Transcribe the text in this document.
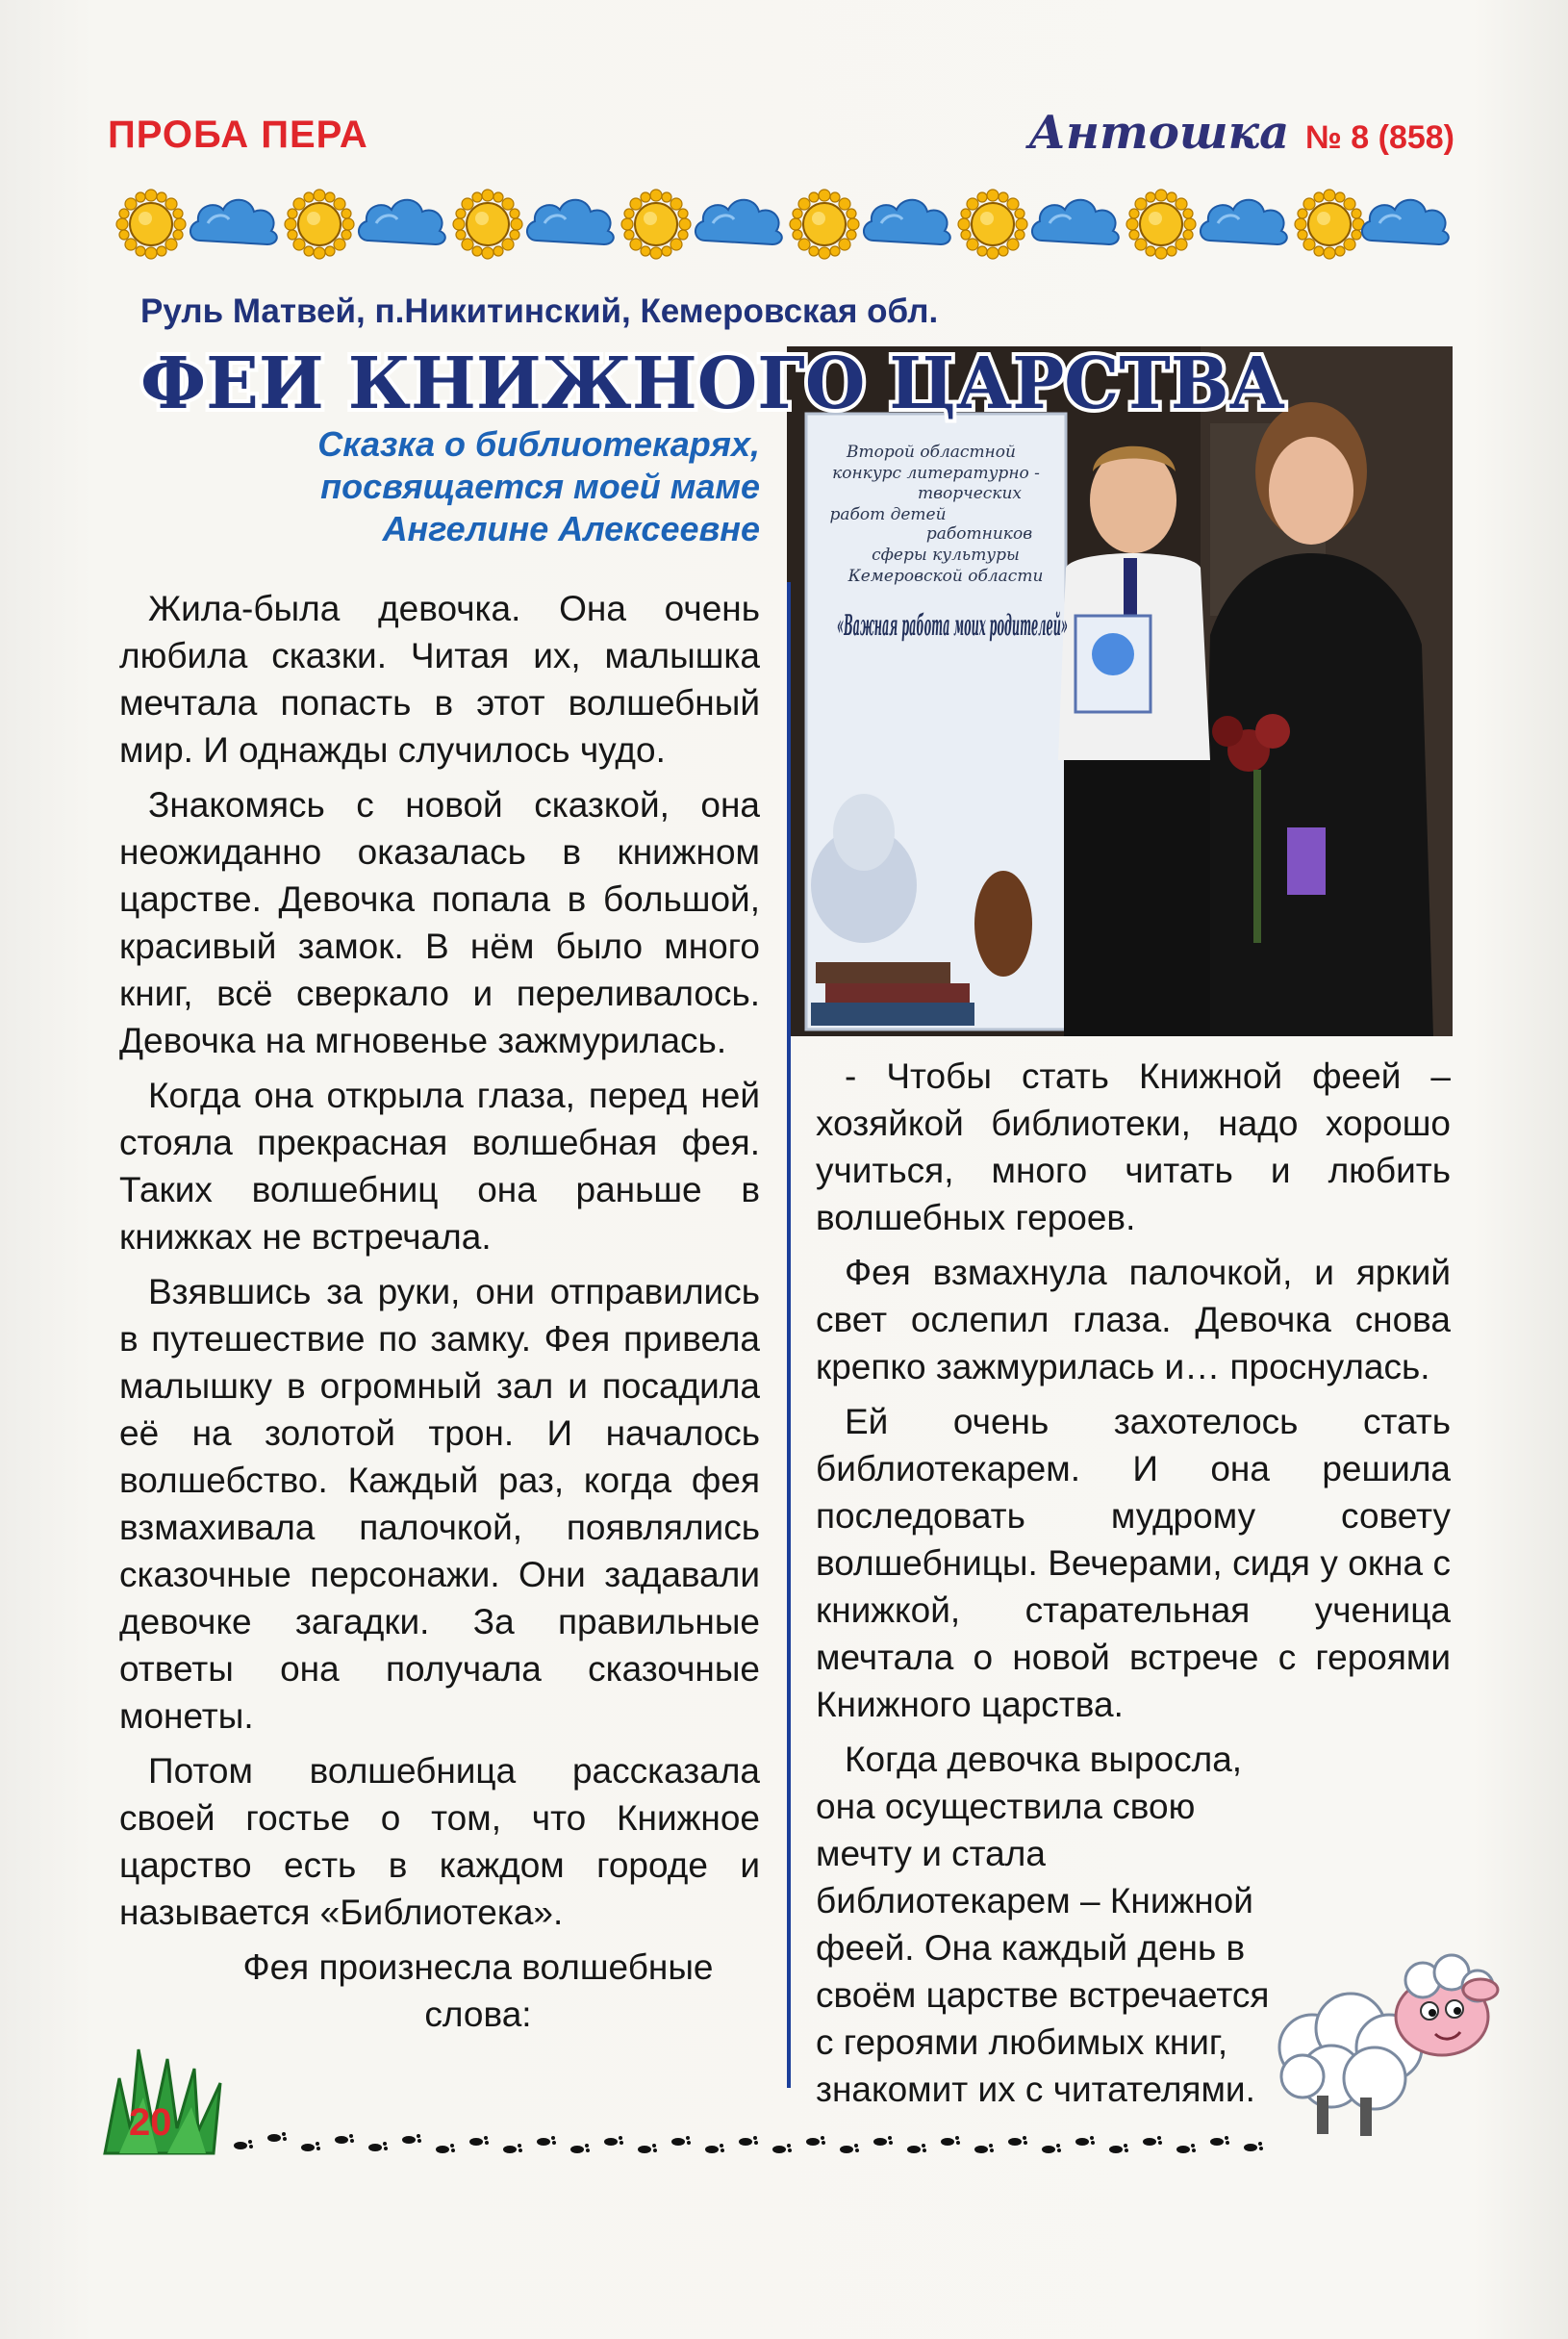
ПРОБА ПЕРА	Антошка № 8 (858)
Руль Матвей, п.Никитинский, Кемеровская обл.
Второй областной
конкурс литературно -
творческих
работ детей
работников
сферы культуры
Кемеровской области
«Важная работа моих родителей»
ФЕИ КНИЖНОГО ЦАРСТВА
Сказка о библиотекарях,
посвящается моей маме
Ангелине Алексеевне

Жила-была девочка. Она очень любила сказки. Читая их, малышка мечтала попасть в этот волшебный мир. И однажды случилось чудо.

Знакомясь с новой сказкой, она неожиданно оказалась в книжном царстве. Девочка попала в большой, красивый замок. В нём было много книг, всё сверкало и переливалось. Девочка на мгновенье зажмурилась.

Когда она открыла глаза, перед ней стояла прекрасная волшебная фея. Таких волшебниц она раньше в книжках не встречала.

Взявшись за руки, они отправились в путешествие по замку. Фея привела малышку в огромный зал и посадила её на золотой трон. И началось волшебство. Каждый раз, когда фея взмахивала палочкой, появлялись сказочные персонажи. Они задавали девочке загадки. За правильные ответы она получала сказочные монеты.

Потом волшебница рассказала своей гостье о том, что Книжное царство есть в каждом городе и называется «Библиотека».

Фея произнесла волшебные слова:

- Чтобы стать Книжной феей – хозяйкой библиотеки, надо хорошо учиться, много читать и любить волшебных героев.

Фея взмахнула палочкой, и яркий свет ослепил глаза. Девочка снова крепко зажмурилась и… проснулась.

Ей очень захотелось стать библиотекарем. И она решила последовать мудрому совету волшебницы. Вечерами, сидя у окна с книжкой, старательная ученица мечтала о новой встрече с героями Книжного царства.

Когда девочка выросла, она осуществила свою мечту и стала библиотекарем – Книжной феей. Она каждый день в своём царстве встречается с героями любимых книг, знакомит их с читателями.

20
